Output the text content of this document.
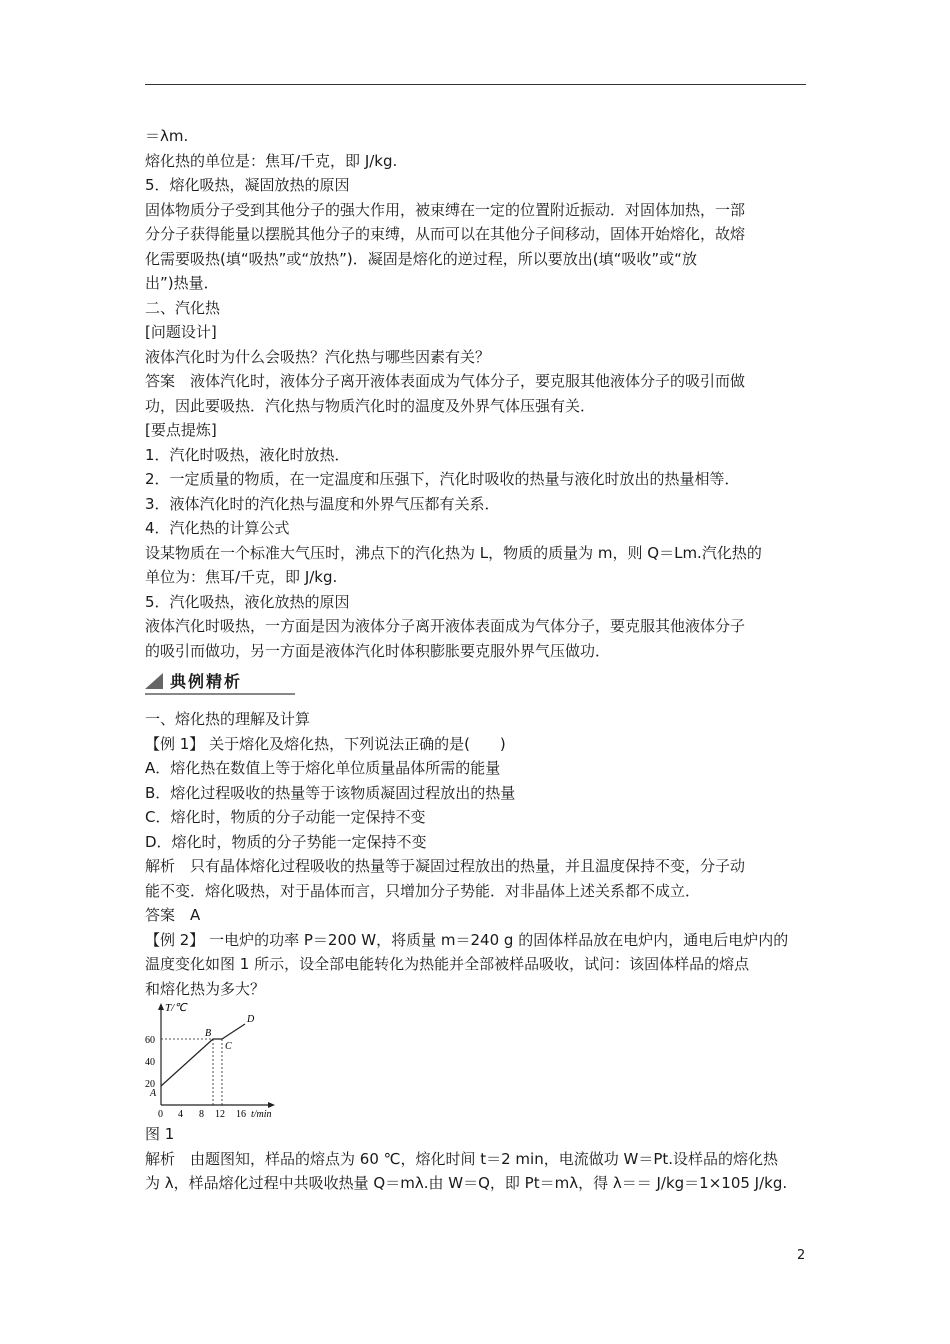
＝λm.
熔化热的单位是：焦耳/千克，即 J/kg.
5．熔化吸热，凝固放热的原因
固体物质分子受到其他分子的强大作用，被束缚在一定的位置附近振动．对固体加热，一部
分分子获得能量以摆脱其他分子的束缚，从而可以在其他分子间移动，固体开始熔化，故熔
化需要吸热(填“吸热”或“放热”)．凝固是熔化的逆过程，所以要放出(填“吸收”或“放
出”)热量．
二、汽化热
[问题设计]
液体汽化时为什么会吸热？汽化热与哪些因素有关？
答案　液体汽化时，液体分子离开液体表面成为气体分子，要克服其他液体分子的吸引而做
功，因此要吸热．汽化热与物质汽化时的温度及外界气体压强有关．
[要点提炼]
1．汽化时吸热，液化时放热．
2．一定质量的物质，在一定温度和压强下，汽化时吸收的热量与液化时放出的热量相等．
3．液体汽化时的汽化热与温度和外界气压都有关系．
4．汽化热的计算公式
设某物质在一个标准大气压时，沸点下的汽化热为 L，物质的质量为 m，则 Q＝Lm.汽化热的
单位为：焦耳/千克，即 J/kg.
5．汽化吸热，液化放热的原因
液体汽化时吸热，一方面是因为液体分子离开液体表面成为气体分子，要克服其他液体分子
的吸引而做功，另一方面是液体汽化时体积膨胀要克服外界气压做功．
典例精析
一、熔化热的理解及计算
【例 1】 关于熔化及熔化热，下列说法正确的是(　　)
A．熔化热在数值上等于熔化单位质量晶体所需的能量
B．熔化过程吸收的热量等于该物质凝固过程放出的热量
C．熔化时，物质的分子动能一定保持不变
D．熔化时，物质的分子势能一定保持不变
解析　只有晶体熔化过程吸收的热量等于凝固过程放出的热量，并且温度保持不变，分子动
能不变．熔化吸热，对于晶体而言，只增加分子势能．对非晶体上述关系都不成立．
答案　A
【例 2】 一电炉的功率 P＝200 W，将质量 m＝240 g 的固体样品放在电炉内，通电后电炉内的
温度变化如图 1 所示，设全部电能转化为热能并全部被样品吸收，试问：该固体样品的熔点
和熔化热为多大？
T/℃
60
40
20
A
B
C
D
0 4 8 12 16 t/min
图 1
解析　由题图知，样品的熔点为 60 ℃，熔化时间 t＝2 min，电流做功 W＝Pt.设样品的熔化热
为 λ，样品熔化过程中共吸收热量 Q＝mλ.由 W＝Q，即 Pt＝mλ，得 λ＝＝ J/kg＝1×105 J/kg.
2
